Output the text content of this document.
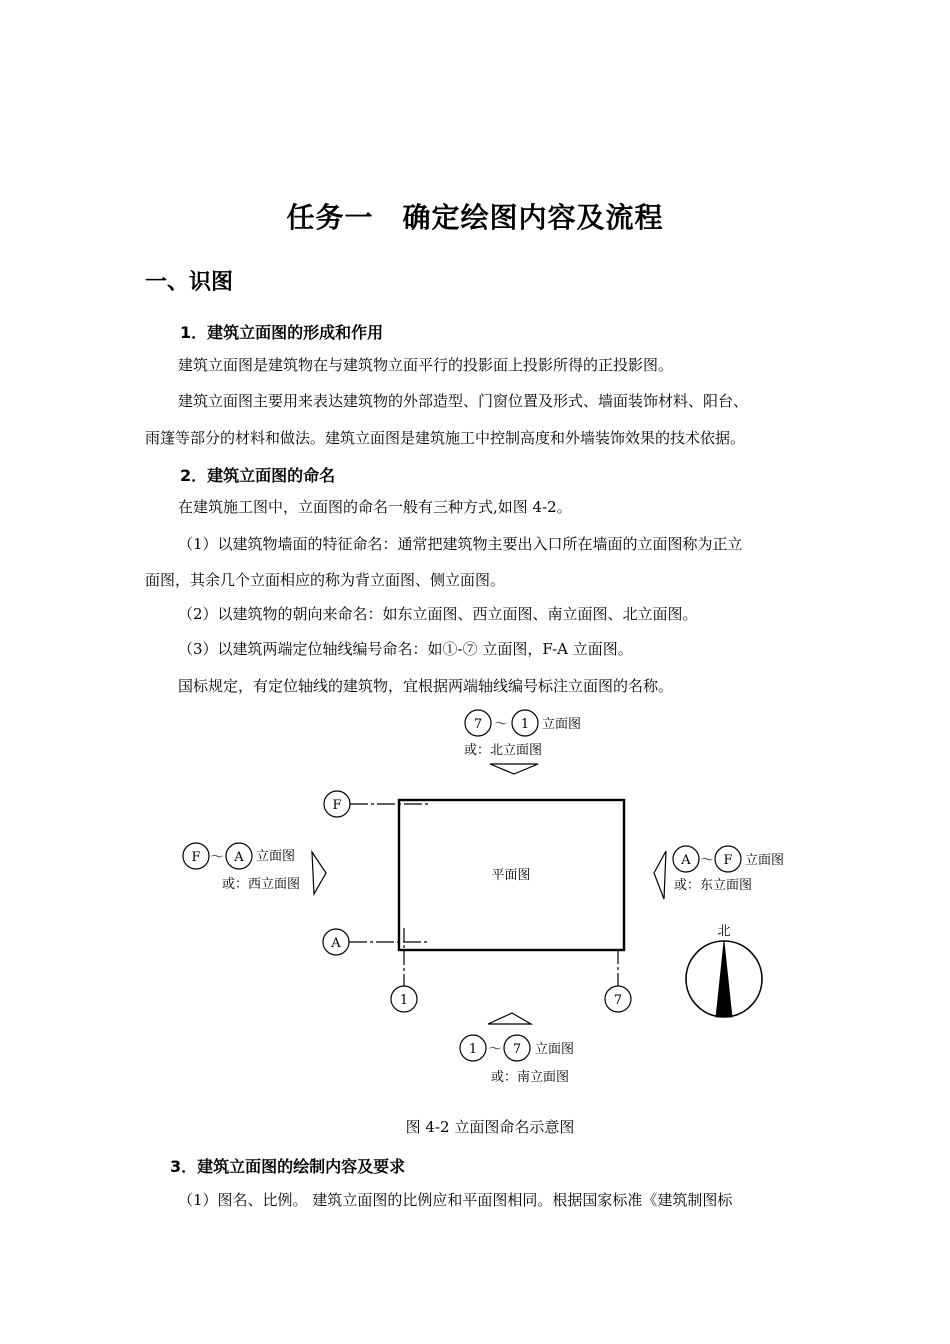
任务一　确定绘图内容及流程
一、识图
1．建筑立面图的形成和作用
建筑立面图是建筑物在与建筑物立面平行的投影面上投影所得的正投影图。
建筑立面图主要用来表达建筑物的外部造型、门窗位置及形式、墙面装饰材料、阳台、
雨篷等部分的材料和做法。建筑立面图是建筑施工中控制高度和外墙装饰效果的技术依据。
2．建筑立面图的命名
在建筑施工图中，立面图的命名一般有三种方式,如图 4-2。
（1）以建筑物墙面的特征命名：通常把建筑物主要出入口所在墙面的立面图称为正立
面图，其余几个立面相应的称为背立面图、侧立面图。
（2）以建筑物的朝向来命名：如东立面图、西立面图、南立面图、北立面图。
（3）以建筑两端定位轴线编号命名：如①-⑦ 立面图，F-A 立面图。
国标规定，有定位轴线的建筑物，宜根据两端轴线编号标注立面图的名称。
7 ～ 1
F
A
1	7
F ～ A	A ～ F
1 ～ 7
北
平面图
立面图
或：北立面图
立面图
或：西立面图
立面图
或：东立面图
立面图
或：南立面图
图 4-2 立面图命名示意图
3．建筑立面图的绘制内容及要求
（1）图名、比例。 建筑立面图的比例应和平面图相同。根据国家标准《建筑制图标
